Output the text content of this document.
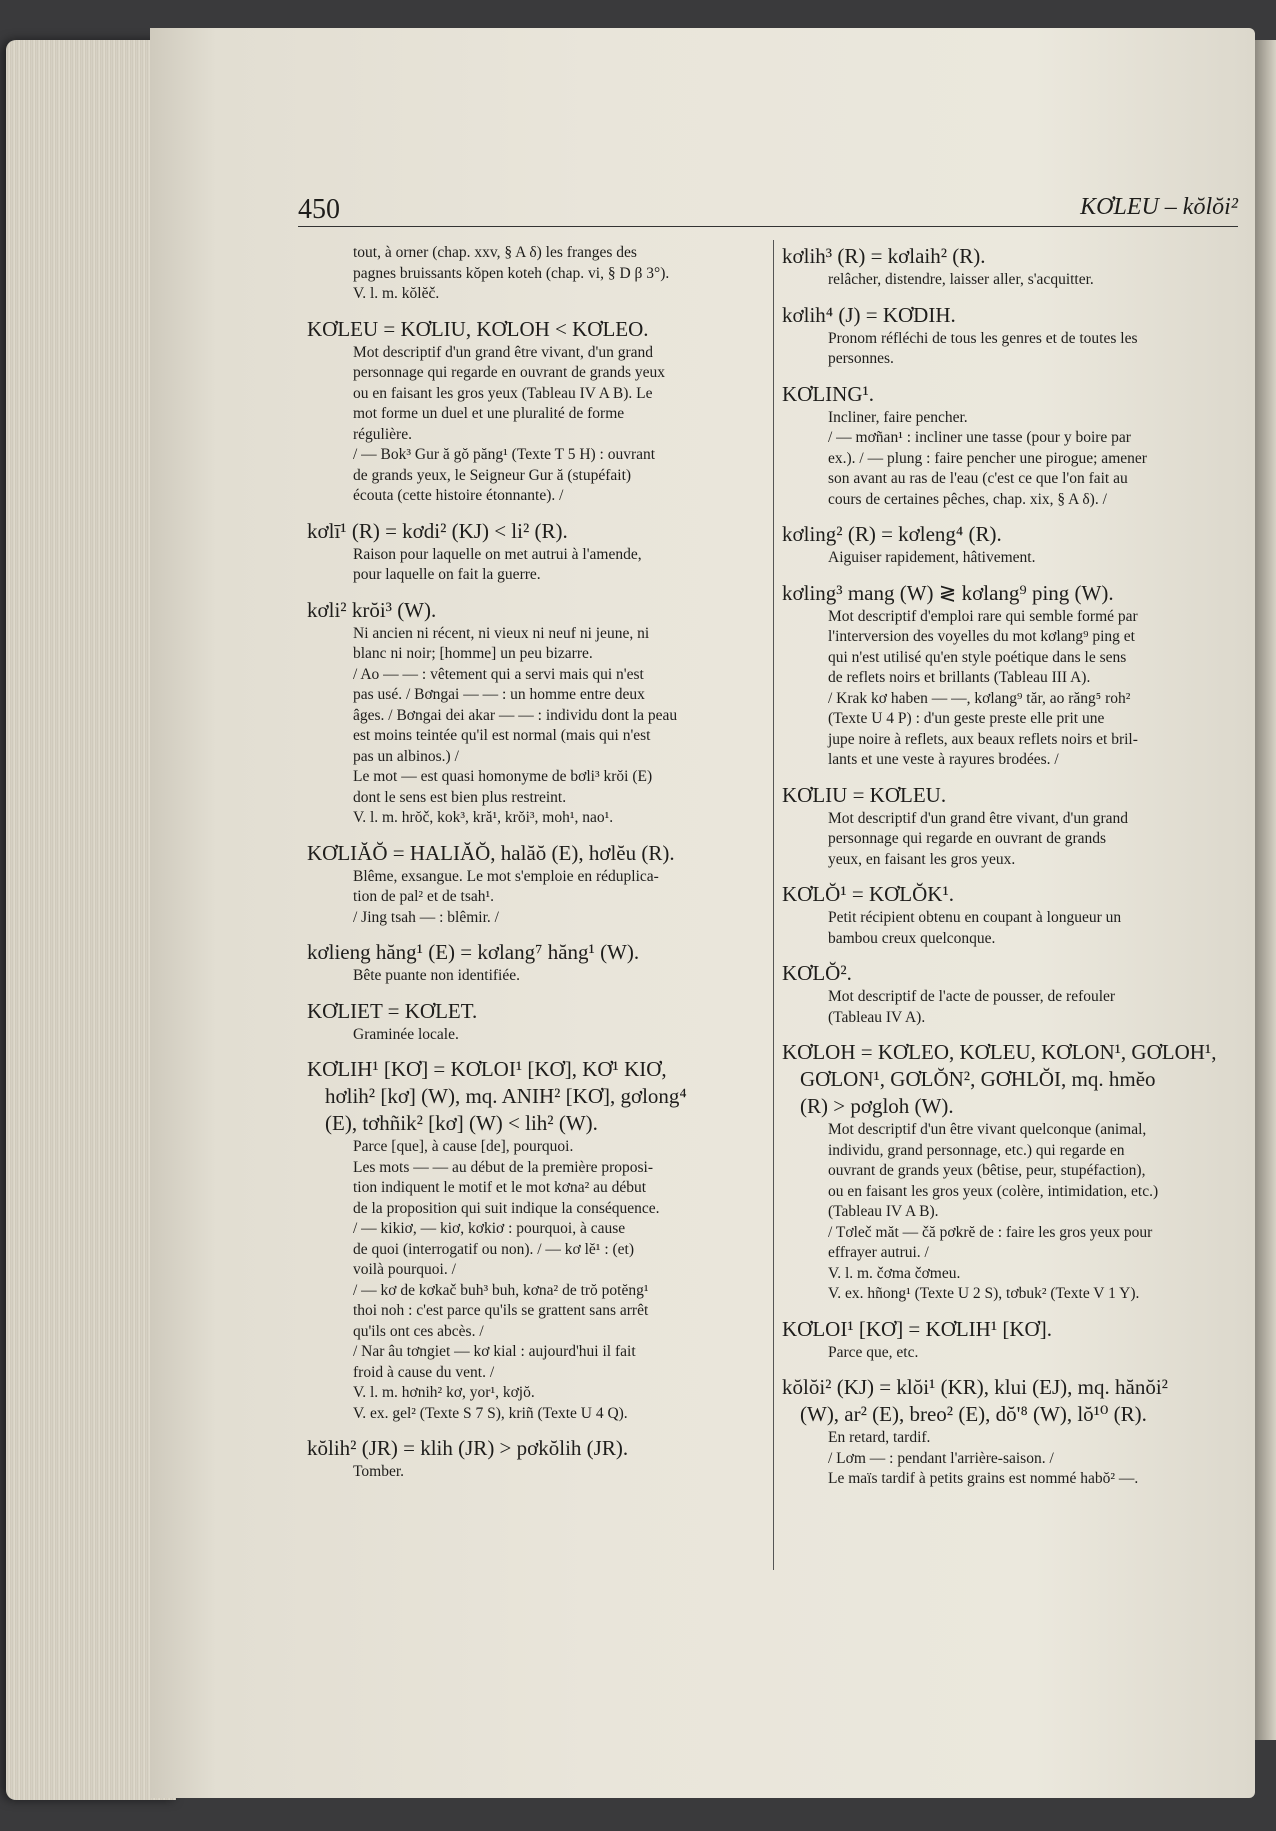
450	KƠLEU – kŏlŏi²
tout, à orner (chap. xxv, § A δ) les franges des
pagnes bruissants kŏpen koteh (chap. vi, § D β 3°).
V. l. m. kŏlĕč.
KƠLEU = KƠLIU, KƠLOH < KƠLEO.
Mot descriptif d'un grand être vivant, d'un grand
personnage qui regarde en ouvrant de grands yeux
ou en faisant les gros yeux (Tableau IV A B). Le
mot forme un duel et une pluralité de forme
régulière.
/ — Bok³ Gur ă gŏ păng¹ (Texte T 5 H) : ouvrant
de grands yeux, le Seigneur Gur ă (stupéfait)
écouta (cette histoire étonnante). /
kơlī¹ (R) = kơdi² (KJ) < li² (R).
Raison pour laquelle on met autrui à l'amende,
pour laquelle on fait la guerre.
kơli² krŏi³ (W).
Ni ancien ni récent, ni vieux ni neuf ni jeune, ni
blanc ni noir; [homme] un peu bizarre.
/ Ao — — : vêtement qui a servi mais qui n'est
pas usé. / Bơngai — — : un homme entre deux
âges. / Bơngai dei akar — — : individu dont la peau
est moins teintée qu'il est normal (mais qui n'est
pas un albinos.) /
Le mot — est quasi homonyme de bơli³ krŏi (E)
dont le sens est bien plus restreint.
V. l. m. hrŏč, kok³, kră¹, krŏi³, moh¹, nao¹.
KƠLIĂŎ = HALIĂŎ, halăŏ (E), hơlĕu (R).
Blême, exsangue. Le mot s'emploie en réduplica-
tion de pal² et de tsah¹.
/ Jing tsah — : blêmir. /
kơlieng hăng¹ (E) = kơlang⁷ hăng¹ (W).
Bête puante non identifiée.
KƠLIET = KƠLET.
Graminée locale.
KƠLIH¹ [KƠ] = KƠLOI¹ [KƠ], KƠ¹ KIƠ,
hơlih² [kơ] (W), mq. ANIH² [KƠ], gơlong⁴
(E), tơhñik² [kơ] (W) < lih² (W).
Parce [que], à cause [de], pourquoi.
Les mots — — au début de la première proposi-
tion indiquent le motif et le mot kơna² au début
de la proposition qui suit indique la conséquence.
/ — kikiơ, — kiơ, kơkiơ : pourquoi, à cause
de quoi (interrogatif ou non). / — kơ lĕ¹ : (et)
voilà pourquoi. /
/ — kơ de kơkač buh³ buh, kơna² de trŏ potĕng¹
thoi noh : c'est parce qu'ils se grattent sans arrêt
qu'ils ont ces abcès. /
/ Nar âu tơngiet — kơ kial : aujourd'hui il fait
froid à cause du vent. /
V. l. m. hơnih² kơ, yor¹, kơjŏ.
V. ex. gel² (Texte S 7 S), kriñ (Texte U 4 Q).
kŏlih² (JR) = klih (JR) > pơkŏlih (JR).
Tomber.
kơlih³ (R) = kơlaih² (R).
relâcher, distendre, laisser aller, s'acquitter.
kơlih⁴ (J) = KƠDIH.
Pronom réfléchi de tous les genres et de toutes les
personnes.
KƠLING¹.
Incliner, faire pencher.
/ — mơñan¹ : incliner une tasse (pour y boire par
ex.). / — plung : faire pencher une pirogue; amener
son avant au ras de l'eau (c'est ce que l'on fait au
cours de certaines pêches, chap. xix, § A δ). /
kơling² (R) = kơleng⁴ (R).
Aiguiser rapidement, hâtivement.
kơling³ mang (W) ≷ kơlang⁹ ping (W).
Mot descriptif d'emploi rare qui semble formé par
l'interversion des voyelles du mot kơlang⁹ ping et
qui n'est utilisé qu'en style poétique dans le sens
de reflets noirs et brillants (Tableau III A).
/ Krak kơ haben — —, kơlang⁹ tăr, ao răng⁵ roh²
(Texte U 4 P) : d'un geste preste elle prit une
jupe noire à reflets, aux beaux reflets noirs et bril-
lants et une veste à rayures brodées. /
KƠLIU = KƠLEU.
Mot descriptif d'un grand être vivant, d'un grand
personnage qui regarde en ouvrant de grands
yeux, en faisant les gros yeux.
KƠLŎ¹ = KƠLŎK¹.
Petit récipient obtenu en coupant à longueur un
bambou creux quelconque.
KƠLŎ².
Mot descriptif de l'acte de pousser, de refouler
(Tableau IV A).
KƠLOH = KƠLEO, KƠLEU, KƠLON¹, GƠLOH¹,
GƠLON¹, GƠLŎN², GƠHLŎI, mq. hmĕo
(R) > pơgloh (W).
Mot descriptif d'un être vivant quelconque (animal,
individu, grand personnage, etc.) qui regarde en
ouvrant de grands yeux (bêtise, peur, stupéfaction),
ou en faisant les gros yeux (colère, intimidation, etc.)
(Tableau IV A B).
/ Tơleč măt — čă pơkrĕ de : faire les gros yeux pour
effrayer autrui. /
V. l. m. čơma čơmeu.
V. ex. hñong¹ (Texte U 2 S), tơbuk² (Texte V 1 Y).
KƠLOI¹ [KƠ] = KƠLIH¹ [KƠ].
Parce que, etc.
kŏlŏi² (KJ) = klŏi¹ (KR), klui (EJ), mq. hănŏi²
(W), ar² (E), breo² (E), dŏ'⁸ (W), lŏ¹⁰ (R).
En retard, tardif.
/ Lơm — : pendant l'arrière-saison. /
Le maïs tardif à petits grains est nommé habŏ² —.
